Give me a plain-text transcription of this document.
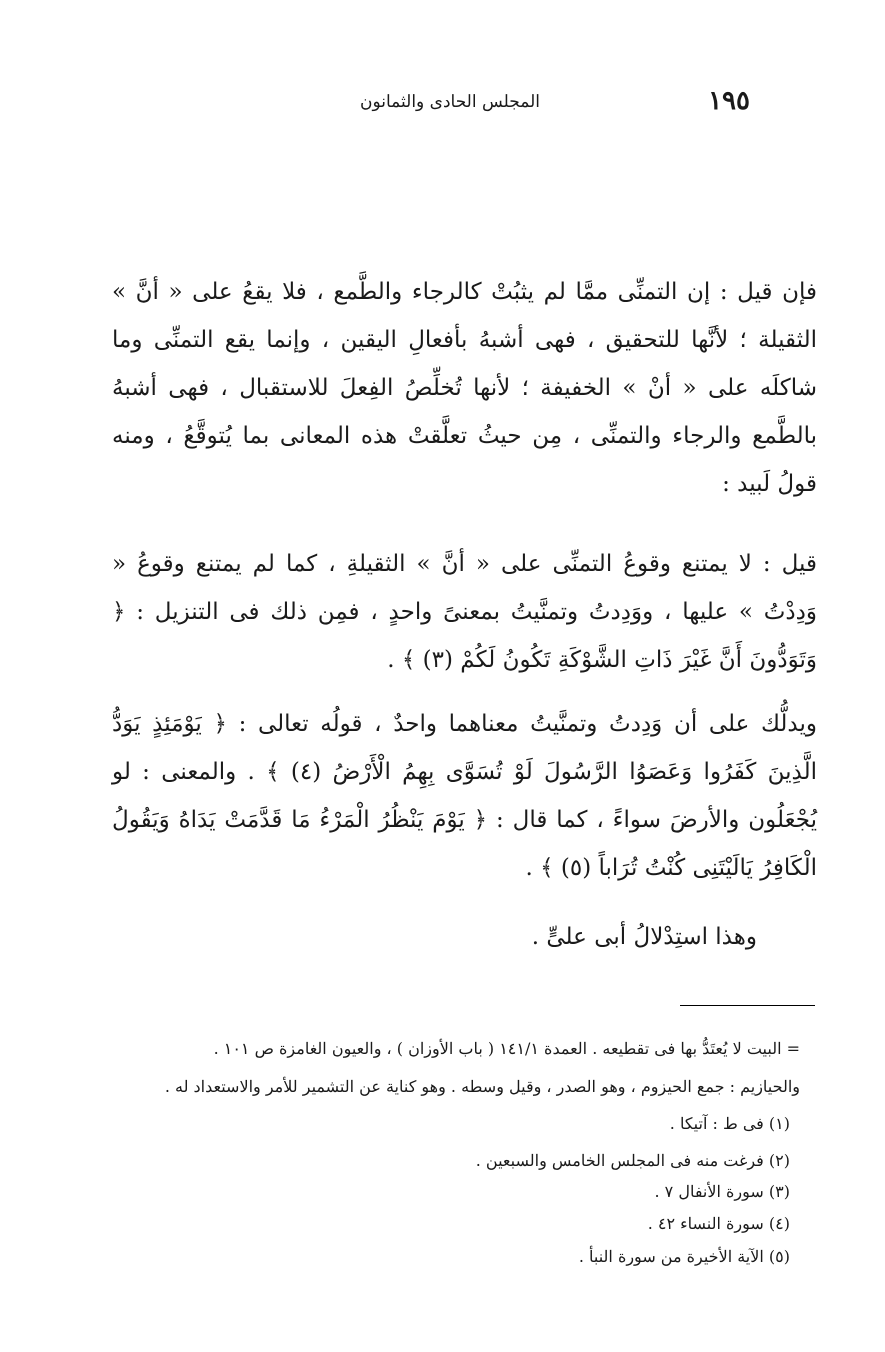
١٩٥
المجلس الحادى والثمانون
فإن قيل : إن التمنِّى ممَّا لم يثبُتْ كالرجاء والطَّمع ، فلا يقعُ على « أنَّ » الثقيلة ؛ لأنَّها للتحقيق ، فهى أشبهُ بأفعالِ اليقين ، وإنما يقع التمنِّى وما شاكلَه على « أنْ » الخفيفة ؛ لأنها تُخلِّصُ الفِعلَ للاستقبال ، فهى أشبهُ بالطَّمع والرجاء والتمنِّى ، مِن حيثُ تعلَّقتْ هذه المعانى بما يُتوقَّعُ ، ومنه قولُ لَبيد :
قيل : لا يمتنع وقوعُ التمنِّى على « أنَّ » الثقيلةِ ، كما لم يمتنع وقوعُ « وَدِدْتُ » عليها ، ووَدِدتُ وتمنَّيتُ بمعنىً واحدٍ ، فمِن ذلك فى التنزيل : ﴿ وَتَوَدُّونَ أَنَّ غَيْرَ ذَاتِ الشَّوْكَةِ تَكُونُ لَكُمْ (٣) ﴾ .
ويدلُّك على أن وَدِدتُ وتمنَّيتُ معناهما واحدٌ ، قولُه تعالى : ﴿ يَوْمَئِذٍ يَوَدُّ الَّذِينَ كَفَرُوا وَعَصَوُا الرَّسُولَ لَوْ تُسَوَّى بِهِمُ الْأَرْضُ (٤) ﴾ . والمعنى : لو يُجْعَلُون والأرضَ سواءً ، كما قال : ﴿ يَوْمَ يَنْظُرُ الْمَرْءُ مَا قَدَّمَتْ يَدَاهُ وَيَقُولُ الْكَافِرُ يَالَيْتَنِى كُنْتُ تُرَاباً (٥) ﴾ .
وهذا استِدْلالُ أبى علىٍّ .
= البيت لا يُعتَدُّ بها فى تقطيعه . العمدة ١٤١/١ ( باب الأوزان ) ، والعيون الغامزة ص ١٠١ .
والحيازيم : جمع الحيزوم ، وهو الصدر ، وقيل وسطه . وهو كناية عن التشمير للأمر والاستعداد له .
(١) فى ط : آتيكا .
(٢) فرغت منه فى المجلس الخامس والسبعين .
(٣) سورة الأنفال ٧ .
(٤) سورة النساء ٤٢ .
(٥) الآية الأخيرة من سورة النبأ .
